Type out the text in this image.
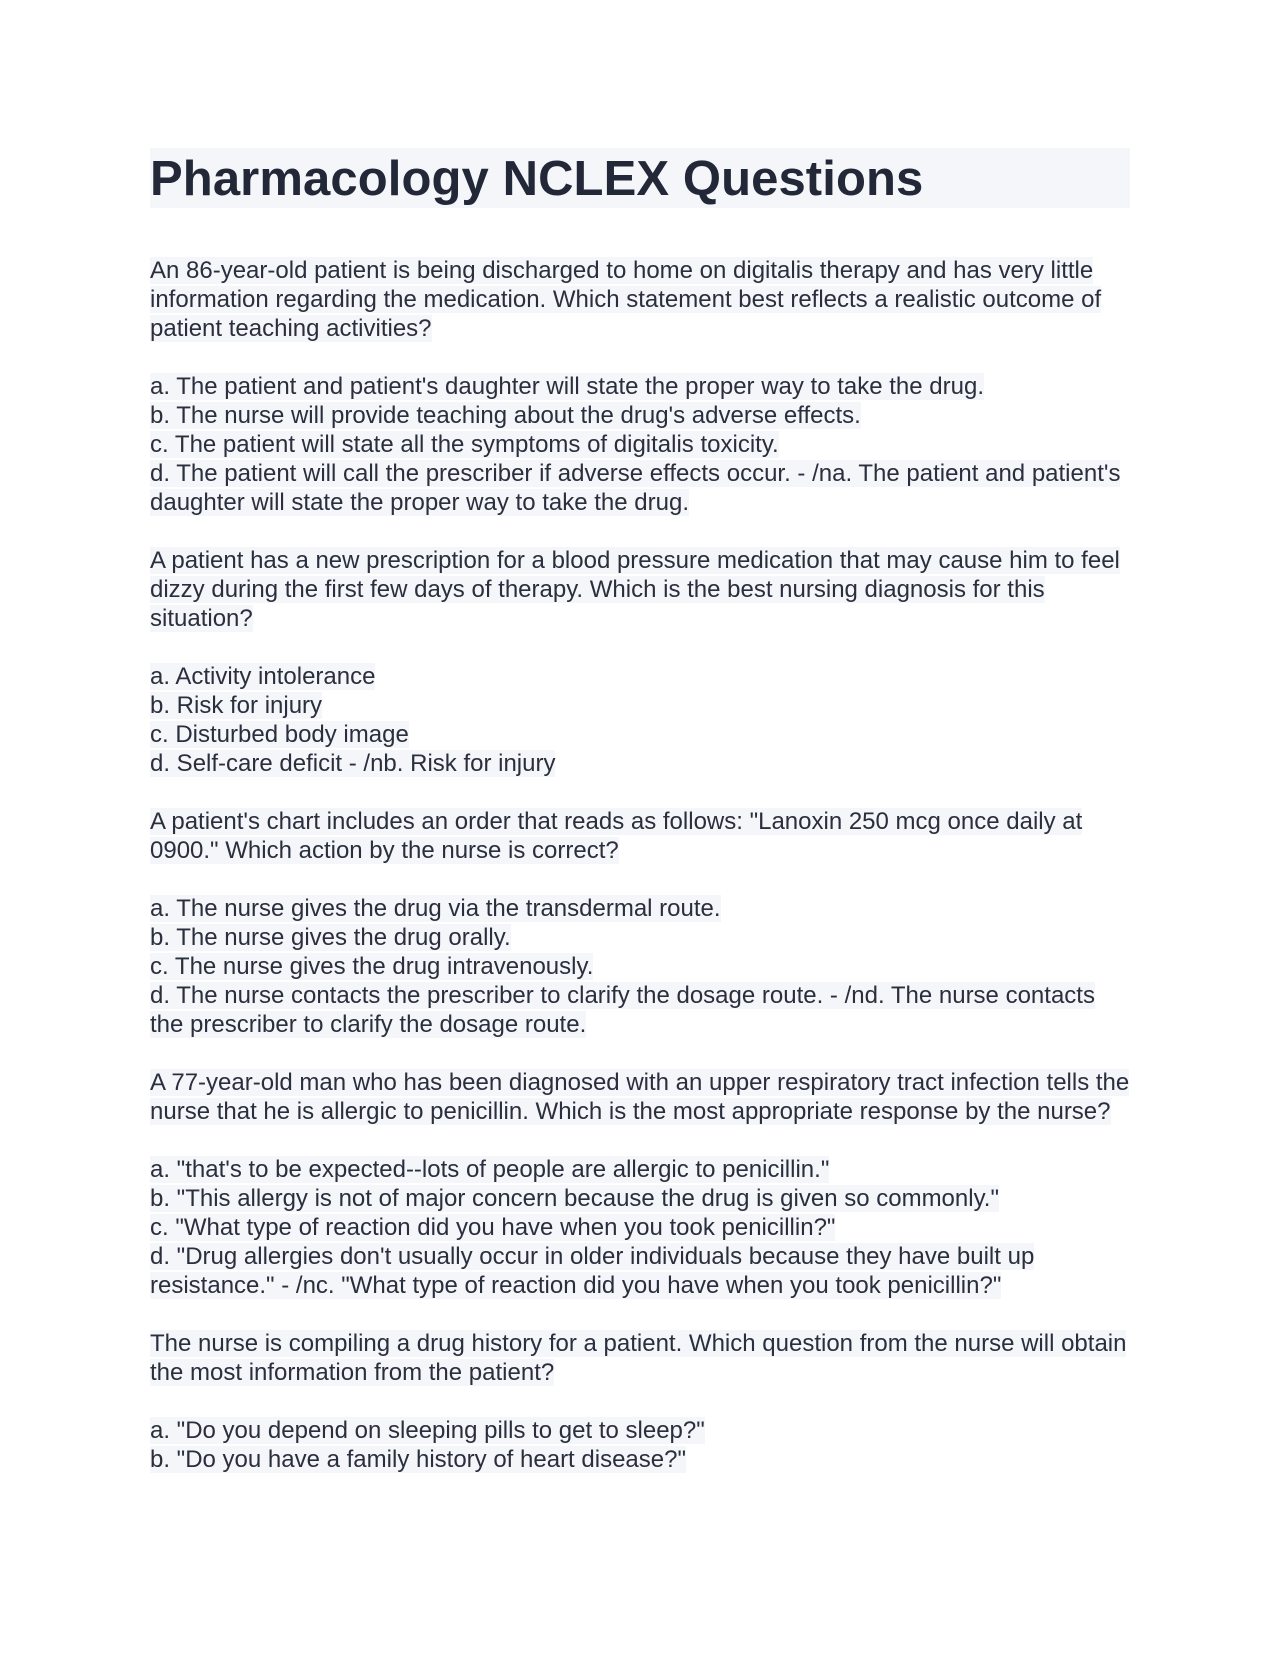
Pharmacology NCLEX Questions

An 86-year-old patient is being discharged to home on digitalis therapy and has very little information regarding the medication. Which statement best reflects a realistic outcome of patient teaching activities?

a. The patient and patient's daughter will state the proper way to take the drug.
b. The nurse will provide teaching about the drug's adverse effects.
c. The patient will state all the symptoms of digitalis toxicity.
d. The patient will call the prescriber if adverse effects occur. - /na. The patient and patient's daughter will state the proper way to take the drug.

A patient has a new prescription for a blood pressure medication that may cause him to feel dizzy during the first few days of therapy. Which is the best nursing diagnosis for this situation?

a. Activity intolerance
b. Risk for injury
c. Disturbed body image
d. Self-care deficit - /nb. Risk for injury

A patient's chart includes an order that reads as follows: "Lanoxin 250 mcg once daily at 0900." Which action by the nurse is correct?

a. The nurse gives the drug via the transdermal route.
b. The nurse gives the drug orally.
c. The nurse gives the drug intravenously.
d. The nurse contacts the prescriber to clarify the dosage route. - /nd. The nurse contacts the prescriber to clarify the dosage route.

A 77-year-old man who has been diagnosed with an upper respiratory tract infection tells the nurse that he is allergic to penicillin. Which is the most appropriate response by the nurse?

a. "that's to be expected--lots of people are allergic to penicillin."
b. "This allergy is not of major concern because the drug is given so commonly."
c. "What type of reaction did you have when you took penicillin?"
d. "Drug allergies don't usually occur in older individuals because they have built up resistance." - /nc. "What type of reaction did you have when you took penicillin?"

The nurse is compiling a drug history for a patient. Which question from the nurse will obtain the most information from the patient?

a. "Do you depend on sleeping pills to get to sleep?"
b. "Do you have a family history of heart disease?"
